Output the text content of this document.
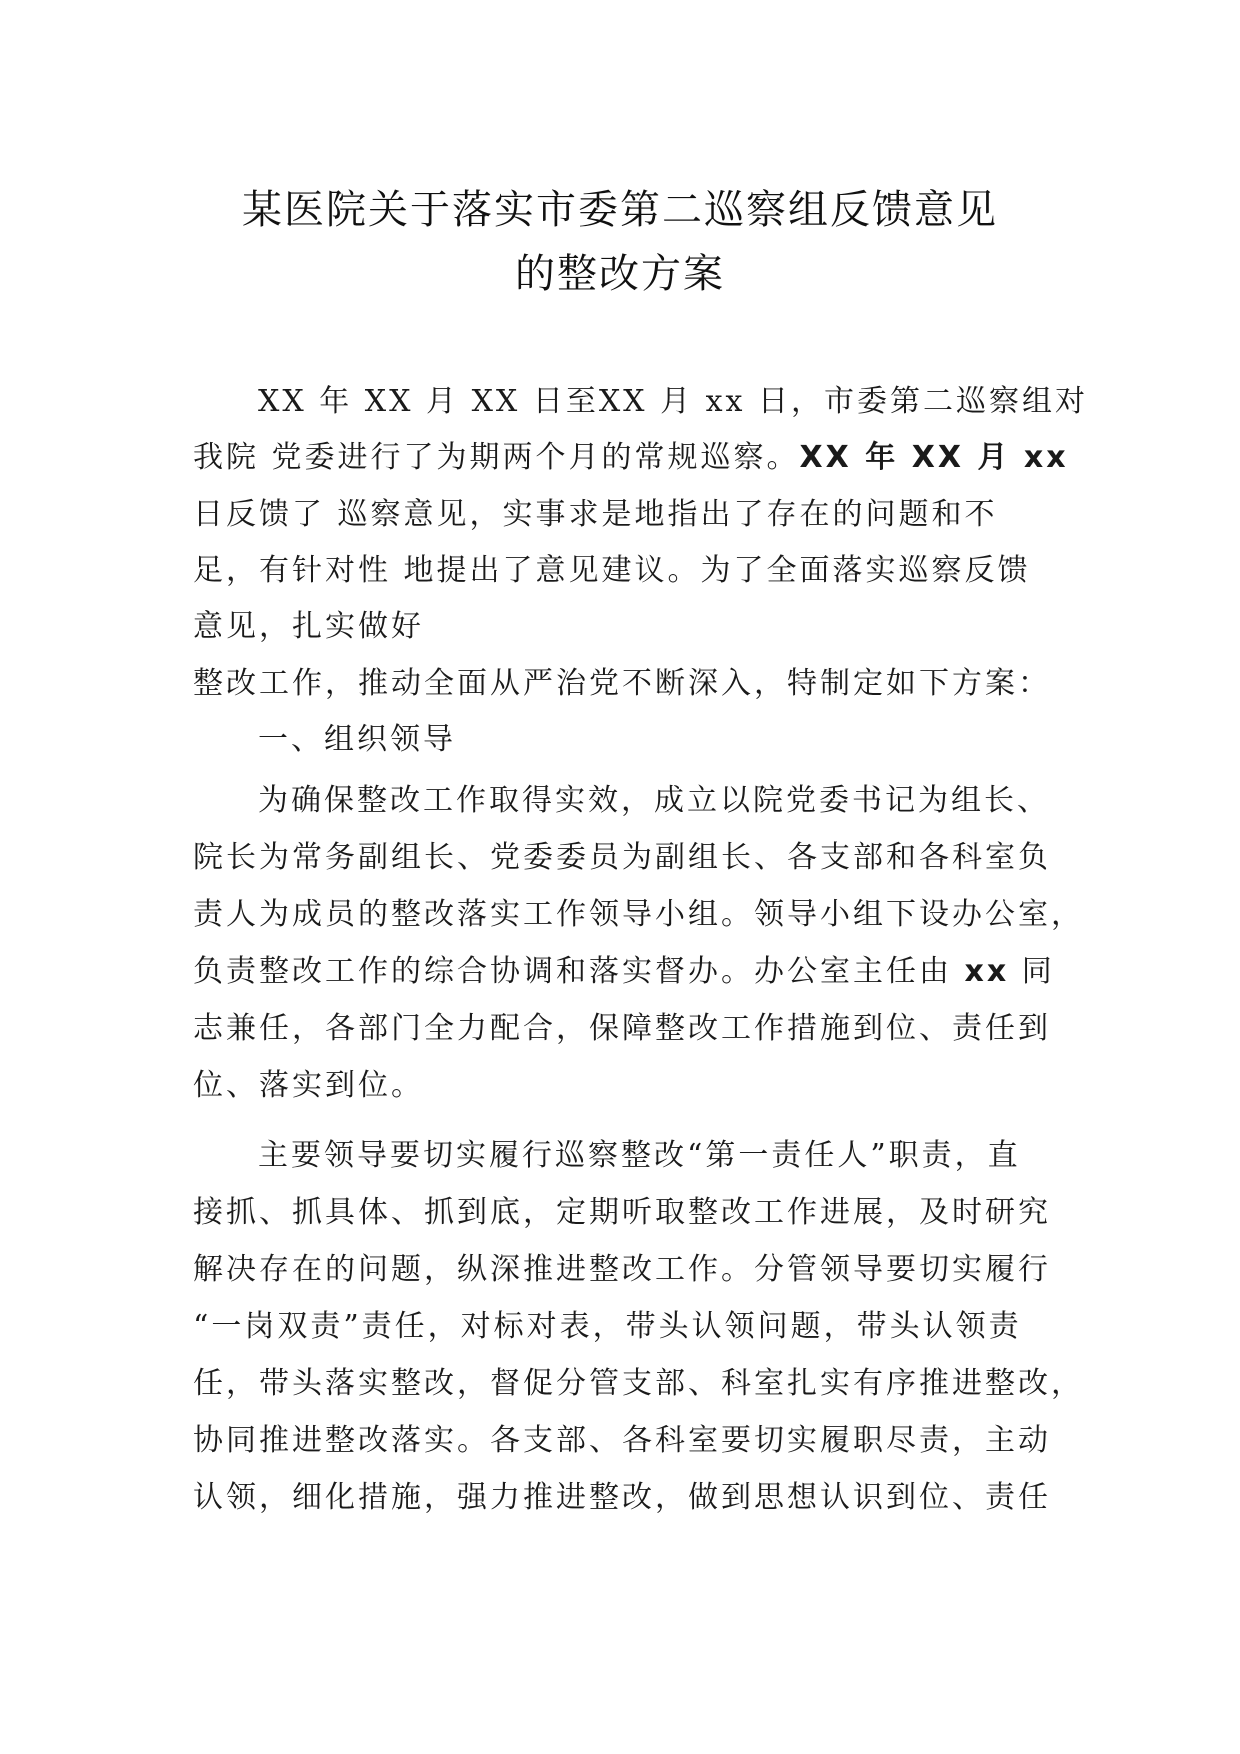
某医院关于落实市委第二巡察组反馈意见
的整改方案
XX 年 XX 月 XX 日至XX 月 xx 日，市委第二巡察组对
我院 党委进行了为期两个月的常规巡察。XX 年 XX 月 xx
日反馈了 巡察意见，实事求是地指出了存在的问题和不
足，有针对性 地提出了意见建议。为了全面落实巡察反馈
意见，扎实做好
整改工作，推动全面从严治党不断深入，特制定如下方案：
一、组织领导
为确保整改工作取得实效，成立以院党委书记为组长、
院长为常务副组长、党委委员为副组长、各支部和各科室负
责人为成员的整改落实工作领导小组。领导小组下设办公室，
负责整改工作的综合协调和落实督办。办公室主任由 xx 同
志兼任，各部门全力配合，保障整改工作措施到位、责任到
位、落实到位。
主要领导要切实履行巡察整改“第一责任人”职责，直
接抓、抓具体、抓到底，定期听取整改工作进展，及时研究
解决存在的问题，纵深推进整改工作。分管领导要切实履行
“一岗双责”责任，对标对表，带头认领问题，带头认领责
任，带头落实整改，督促分管支部、科室扎实有序推进整改，
协同推进整改落实。各支部、各科室要切实履职尽责，主动
认领，细化措施，强力推进整改，做到思想认识到位、责任
